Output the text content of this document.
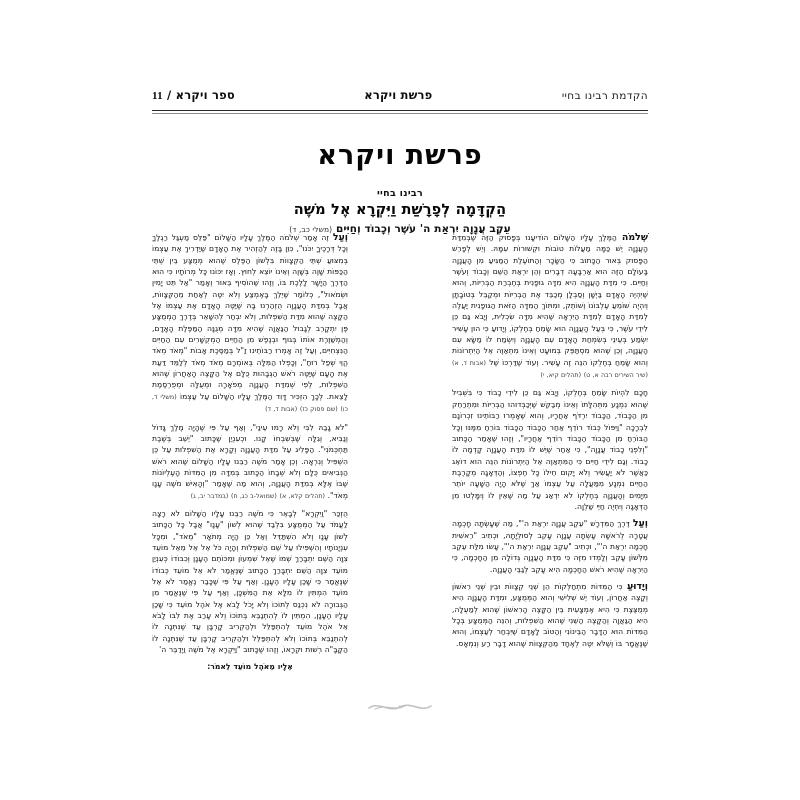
הקדמת רבינו בחיי
פרשת ויקרא
ספר ויקרא / 11
פרשת ויקרא
רבינו בחיי
הַקְדָּמָה לְפָרָשַׁת וַיִּקְרָא אֶל מֹשֶׁה
עֵקֶב עֲנָוָה יִרְאַת ה' עֹשֶׁר וְכָבוֹד וְחַיִּים (משלי כב, ד)

שְׁלֹמֹה הַמֶּלֶךְ עָלָיו הַשָּׁלוֹם הוֹדִיעָנוּ בְּפָסוּק הַזֶּה שֶׁבְּמִדַּת הָעֲנָוָה יֵשׁ כַּמָּה מַעֲלוֹת טוֹבוֹת וּקְשׁוּרוֹת עִמָּהּ. וְיֵשׁ לְפָרֵשׁ הַפָּסוּק בְּאוּר הַכָּתוּב כִּי הַשָּׂכָר וְהַתּוֹעֶלֶת הַמַּגִּיעַ מִן הָעֲנָוָה בָּעוֹלָם הַזֶּה הוּא אַרְבָּעָה דְבָרִים וְהֵן יִרְאַת הַשֵּׁם וְכָבוֹד וְעֹשֶׁר וְחַיִּים. כִּי מִדַּת הָעֲנָוָה הִיא מִדָּה גוּפָנִית בְּחֶבְרַת הַבְּרִיּוֹת, וְהוּא שֶׁיִּהְיֶה הָאָדָם בַּיְשָׁן וְסַבְלָן מְכַבֵּד אֶת הַבְּרִיּוֹת וּמְקַבֵּל בְּטוֹבָתָן וְיִהְיֶה שׁוֹמֵעַ עֶלְבּוֹנוֹ וְשׁוֹתֵק, וּמִתּוֹךְ הַמִּדָּה הַזֹּאת הַגּוּפָנִית יַעֲלֶה לְמִדַּת הָאָדָם לְמִדַּת הַיִּרְאָה שֶׁהִיא מִדָּה שִׂכְלִית, וְיָבֹא גַּם כֵּן לִידֵי עֹשֶׁר, כִּי בְּעַל הָעֲנָוָה הוּא שָׂמֵחַ בְּחֶלְקוֹ, וְיָדוּעַ כִּי הוּן עָשִׁיר יִשְׂמַע בְּעֵינֵי בְּשִׂמְחַת הָאָדָם עִם הָעֲנָוָה וְיִשְׂמַח לוֹ מַשָּׂא עִם הָעֲנָוָה, וְכֵן שֶׁהוּא מִסְתַּפֵּק בְּמוּעָט וְאֵינוֹ מִתְאַוֶּה אֵל הַיִּתְרוֹנוֹת וְהוּא שָׂמֵחַ בְּחֶלְקוֹ הִנֵּה זֶה עָשִׁיר. וְעוֹד שֶׁדַּרְכּוֹ שֶׁל (אבות ד, א) (שיר השירים רבה א, ט) (תהלים קיא, י)

חָכָם לִהְיוֹת שָׂמֵחַ בְּחֶלְקוֹ, וְיָבֹא גַּם כֵּן לִידֵי כָבוֹד כִּי בִּשְׁבִיל שֶׁהוּא נִמְנָע מִתְּהִלָּתוֹ וְאֵינוֹ מְבַקֵּשׁ שֶׁיְּכַבְּדוּהוּ הַבְּרִיּוֹת וּמִתְרַחֵק מִן הַכָּבוֹד, הַכָּבוֹד יִרְדֹּף אַחֲרָיו, וְהוּא שֶׁאָמְרוּ רַבּוֹתֵינוּ זִכְרוֹנָם לִבְרָכָה "וַיִּפּוֹל כְּבוֹד רוֹדֵף אַחַר הַכָּבוֹד הַכָּבוֹד בּוֹרֵחַ מִמֶּנּוּ וְכָל הַבּוֹרֵחַ מִן הַכָּבוֹד הַכָּבוֹד רוֹדֵף אַחֲרָיו", וְזֶהוּ שֶׁאָמַר הַכָּתוּב "וְלִפְנֵי כָבוֹד עֲנָוָה", כִּי אַחַר שֶׁיֵּשׁ לוֹ מִדַּת הָעֲנָוָה קָדְמָה לוֹ כָבוֹד. וְגַם לִידֵי חַיִּים כִּי הַמִּתְאַוֶּה אֵל הַיִּתְרוֹנוֹת הִנֵּה הוּא דוֹאֵג כַּאֲשֶׁר לֹא יַעֲשִׂיר וְלֹא יָקוּם חֵילוֹ כָּל חֶפְצוֹ, וְהַדְּאָגָה מְקָרֶבֶת הַחַיִּים נִמְנָע מִמַּעֲלָה עַל עַצְמוֹ אַךְ שֶׁלֹּא הָיָה הַשָּׁעָה יוֹתֵר מִיָּמִים וְהָעֲנָוָה בְּחֶלְקוֹ לֹא יִדְאַג עַל מַה שֶּׁאֵין לוֹ וְיִמָּלְטוּ מִן הַדְּאָגָה וְיִחְיֶה חַיֵּי שַׁלְוָה.

וְעַל דֶּרֶךְ הַמִּדְרָשׁ "עֵקֶב עֲנָוָה יִרְאַת ה'", מַה שֶּׁעָשְׂתָה חָכְמָה עֲטָרָה לְרֹאשָׁהּ עָשְׂתָה עֲנָוָה עָקֵב לְסוּלְיָתָהּ, וּכְתִיב "רֵאשִׁית חָכְמָה יִרְאַת ה'", וּכְתִיב "עֵקֶב עֲנָוָה יִרְאַת ה'", עָשׂוּ מִלַּת עֵקֶב מִלְּשׁוֹן עָקֵב וְלָמְדוּ מִזֶּה כִּי מִדַּת הָעֲנָוָה גְּדוֹלָה מִן הַחָכְמָה, כִּי הַיִּרְאָה שֶׁהִיא רֹאשׁ הַחָכְמָה הִיא עָקֵב לְגַבֵּי הָעֲנָוָה.

וְיָדוּעַ כִּי הַמִּדּוֹת מִתְחַלְּקוֹת הֵן שְׁנֵי קְצָווֹת וּבֵין שְׁנֵי רִאשׁוֹן וְקָצֶה אַחֲרוֹן, וְעוֹד יֵשׁ שְׁלִישִׁי וְהוּא הַמְּמֻצָּע, וּמִדַּת הָעֲנָוָה הִיא מְמֻצֶּצֶת כִּי הִיא אֶמְצָעִית בֵּין הַקָּצֶה הָרִאשׁוֹן שֶׁהוּא לְמַעְלָה, הִיא הַגַּאֲוָה וְהַקָּצֶה הַשֵּׁנִי שֶׁהוּא הַשִּׁפְלוּת, וְהִנֵּה הַמְּמֻצָּע בְּכָל הַמִּדּוֹת הוּא הַדָּבָר הַבֵּינוֹנִי וְהַטּוֹב לָאָדָם שֶׁיִּבְחַר לְעַצְמוֹ, וְהוּא שֶׁנֶּאֱמָר בּוֹ וְשֶׁלֹּא יִטֶּה לְאֶחָד מֵהַקְּצָווֹת שֶׁהוּא דָבָר רַע וְנִמְאָס.

וְעַל זֶה אָמַר שְׁלֹמֹה הַמֶּלֶךְ עָלָיו הַשָּׁלוֹם "פַּלֵּס מַעְגַּל רַגְלֶךָ וְכָל דְּרָכֶיךָ יִכֹּנוּ", כִּוֵּן בָּזֶה לְהַזְהִיר אֶת הָאָדָם שֶׁיַּדְרִיךְ אֶת עַצְמוֹ בְּמִצּוּעַ שְׁתֵּי הַקְּצָווֹת בִּלְשׁוֹן הַפֶּלֶס שֶׁהוּא מְמֻצָּע בֵּין שְׁתֵּי הַכַּפּוֹת שָׁוֶה בְּשָׁוֶה וְאֵינוֹ יוֹצֵא לְחוּץ. וְאָז יִכּוֹנוּ כָּל מְרוֹתָיו כִּי הוּא הַדֶּרֶךְ הַיָּשָׁר לָלֶכֶת בּוֹ, וְזֶהוּ שֶׁהוֹסִיף בֵּאוּר וְאָמַר "אַל תֵּט יָמִין וּשְׂמֹאול", כְּלוֹמַר שֶׁיֵּלֵךְ בָּאֶמְצַע וְלֹא יִטֶּה לְאַחַת מֵהַקְּצָווֹת, אֲבָל בְּמִדַּת הָעֲנָוָה הֻזְהַרְנוּ בָּהּ שֶׁיַּטֶּה הָאָדָם אֶת עַצְמוֹ אֶל הַקָּצֶה שֶׁהוּא מִדַּת הַשִּׁפְלוּת, וְלֹא יִבְחַר לְהִשָּׁאֵר בְּדֶרֶךְ הַמְמֻצָּע פֶּן יִתְקָרֵב לְגָבוּל הַגַּאֲוָה שֶׁהִיא מִדָּה מְגֻנָּה הַמַּפֶּלֶת הָאָדָם, וְהַמְשַׁוֶּרֶת אוֹתוֹ בְּגוּף וּבְנֶפֶשׁ מִן הַחַיִּים הַמְקֻשָּׁרִים עִם הַחַיִּים הַנִּצְחִיִּים, וְעַל זֶה אָמְרוּ רַבּוֹתֵינוּ זַ"ל בְּמַסֶּכֶת אָבוֹת "מְאֹד מְאֹד הֱוֵי שְׁפַל רוּחַ", וְכָפְלוּ הַמִּלָּה בְּאוֹמְרָם מְאֹד מְאֹד לְלַמֵּד דַּעַת אֶת הָעָם שֶׁיַּטֶּה רֹאשׁ הַגְּבָהוּת כֻּלָּם אֶל הַקָּצֶה הָאַחֲרוֹן שֶׁהוּא הַשִּׁפְלוּת, לְפִי שְׁמִדַּת הָעֲנָוָה מְפֹאָרָה וּמְעֻלָּה וּמְפֻרְסֶמֶת לָצֵאת. לְכָךְ הִזְכִּיר דָּוִד הַמֶּלֶךְ עָלָיו הַשָּׁלוֹם עַל עַצְמוֹ (משלי ד, כו) (שם פסוק כז) (אבות ד, ד)

"לֹא גָבַהּ לִבִּי וְלֹא רָמוּ עֵינַי", וְאַף עַל פִּי שֶׁהָיָה מֶלֶךְ גָּדוֹל וְנַבִּיא, וְגִלָּה שֶׁבְּשִׁבְחוֹ קָנוּ. וּכְעִנְיַן שֶׁכָּתוּב "יֵשֵׁב בְּשֶׁבֶת תַּחְכְּמֹנִי". הַפָּלִיג עַל מִדַּת הָעֲנָוָה וְקָרָא אֶת הַשִּׁפְלוּת עַל כֵּן הִשְׁפִּיל וְנִרְאָה. וְכֵן אָמַר מֹשֶׁה רַבֵּנוּ עָלָיו הַשָּׁלוֹם שֶׁהוּא רֹאשׁ הַנְּבִיאִים כֻּלָּם וְלֹא שְׁבָחוֹ הַכָּתוּב בְּמִדָּה מִן הַמִּדּוֹת הָעֶלְיוֹנוֹת שֶׁבּוֹ אֶלָּא בְּמִדַּת הָעֲנָוָה, וְהוּא מַה שֶּׁאָמַר "וְהָאִישׁ מֹשֶׁה עָנָו מְאֹד". (תהלים קלא, א) (שמואל-ב כג, ח) (במדבר יב, ג)

הֻזְכַּר "וַיִּקְרָא" לְבָאֵר כִּי מֹשֶׁה רַבֵּנוּ עָלָיו הַשָּׁלוֹם לֹא רָצָה לַעֲמֹד עַל הַמְּמֻצָּע בִּלְבַד שֶׁהוּא לְשׁוֹן "עָנָו" אֲבָל כָּל הַכָּתוּב לְשׁוֹן עָנָו וְלֹא הִשְׁתַּדֵּל וְאַל כֵּן הָיָה מְתֹאָר "מְאֹד", וּמִכָּל עִנְיָנוֹתָיו וְהִשְׁפִּילוּ עַל שֵׁם הַשִּׁפְלוּת וְהָיָה כֹּל אֵל אֵל מֵאֵל מוֹעֵד צִוָּה הַשֵּׁם יִתְבָּרַךְ שְׁמוֹ שֶׁאֵל שִׁמְעוֹן וּמִכּוֹתֵם הֶעָנָן וְכִבּוֹדוֹ כְּעִנְיַן מוֹעֵד צִוָּה הַשֵּׁם יִתְבָּרַךְ הַכָּתוּב שֶׁנֶּאֱמַר לֹא אֵל מוֹעֵד כְּבוֹדוֹ שֶׁנֶּאֱמַר כִּי שָׁכַן עָלָיו הֶעָנָן. וְאַף עַל פִּי שֶׁכָּבַר נֶאֱמַר לֹא אֵל מוֹעֵד הִמְתִּין לוֹ מִלָּא אֵת הַמִּשְׁכָּן, וְאַף עַל פִּי שֶׁנֶּאֱמַר מִן הַגְּבוּרָה לֹא נִכְנַס לְתוֹכוֹ וְלֹא יָכֹל לָבֹא אֶל אֹהֶל מוֹעֵד כִּי שָׁכַן עָלָיו הֶעָנָן, הִמְתִּין לוֹ לְהִתְנַבֵּא בְּתוֹכוֹ וְלֹא עָרַב אֶת לִבּוֹ לָבֹא אֵל אֹהֶל מוֹעֵד לְהִתְפַּלֵּל וּלְהַקְרִיב קָרְבָּן עַד שֶׁנִּתְּנָה לוֹ לְהִתְנַבֵּא בְּתוֹכוֹ וְלֹא לְהִתְפַּלֵּל וּלְהַקְרִיב קָרְבָּן עַד שֶׁנִּתְּנָה לוֹ הַקָּבָּ"ה רְשׁוּת וּקְרָאוֹ, וְזֶהוּ שֶׁכָּתוּב "וַיִּקְרָא אֶל מֹשֶׁה וַיְדַבֵּר ה'

אֵלָיו מֵאֹהֶל מוֹעֵד לֵאמֹר:
